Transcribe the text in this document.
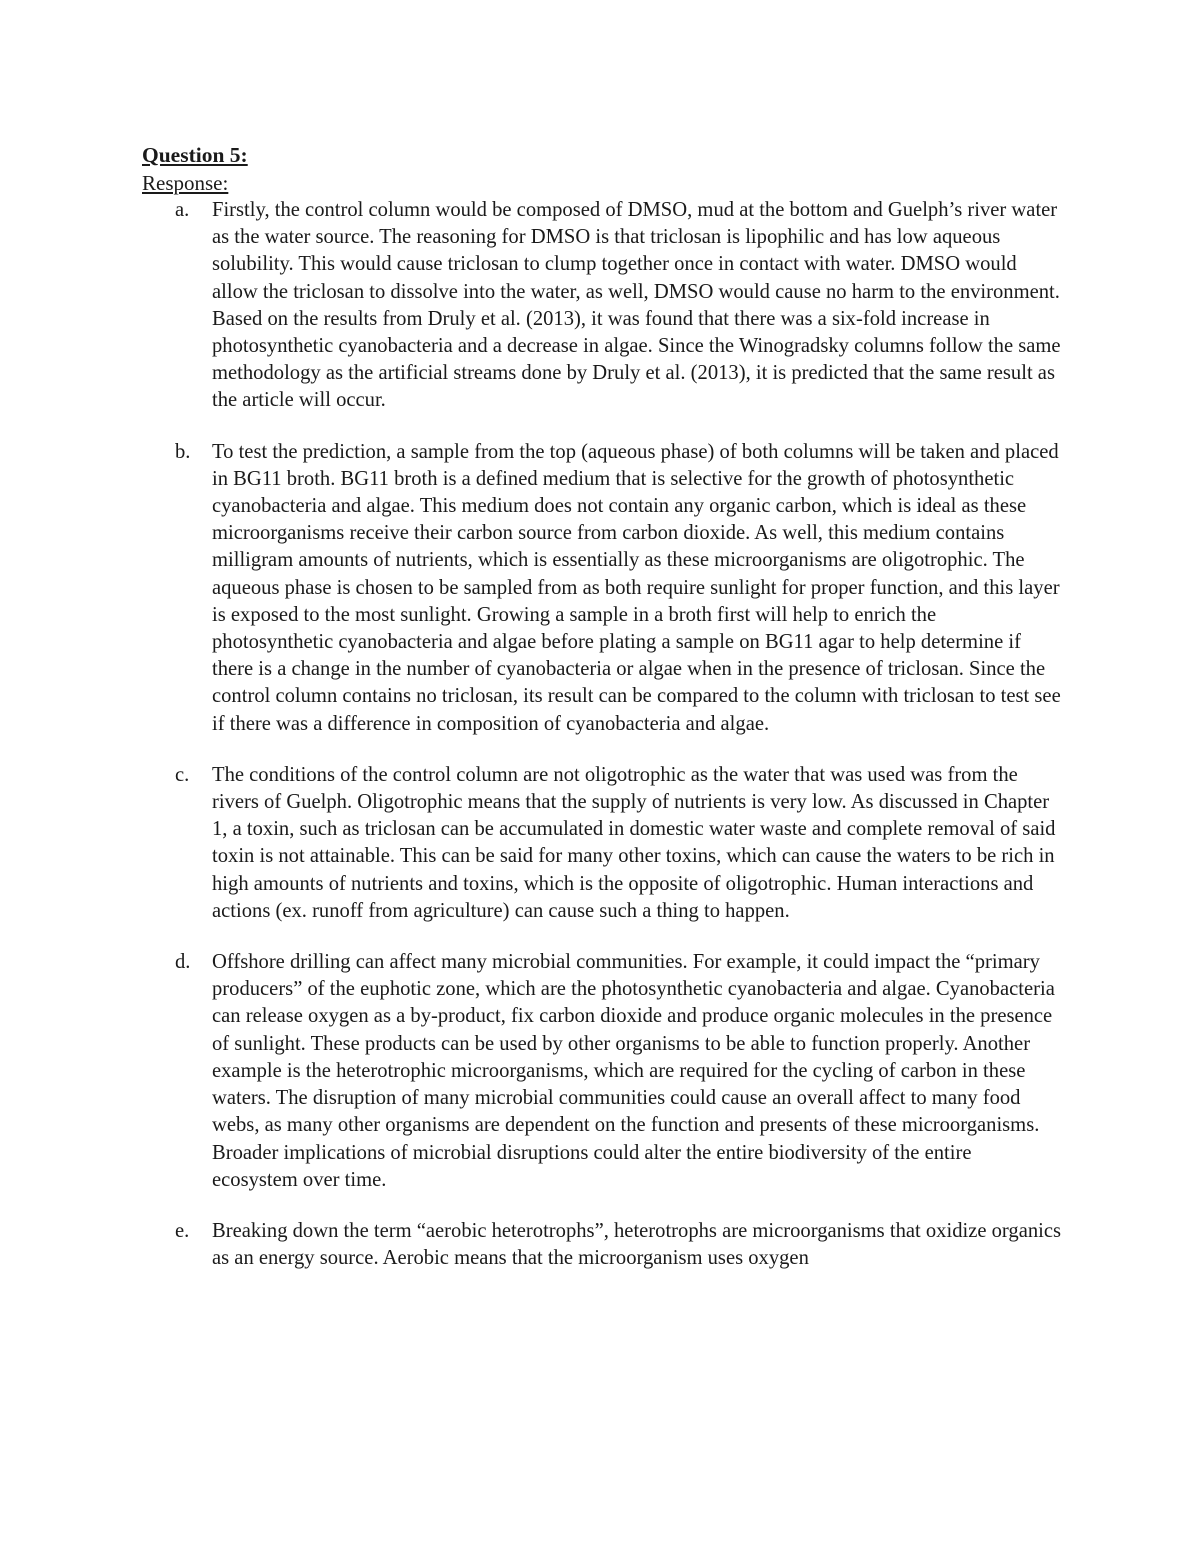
Question 5:
Response:
a. Firstly, the control column would be composed of DMSO, mud at the bottom and Guelph’s river water as the water source. The reasoning for DMSO is that triclosan is lipophilic and has low aqueous solubility. This would cause triclosan to clump together once in contact with water. DMSO would allow the triclosan to dissolve into the water, as well, DMSO would cause no harm to the environment. Based on the results from Druly et al. (2013), it was found that there was a six-fold increase in photosynthetic cyanobacteria and a decrease in algae. Since the Winogradsky columns follow the same methodology as the artificial streams done by Druly et al. (2013), it is predicted that the same result as the article will occur.
b. To test the prediction, a sample from the top (aqueous phase) of both columns will be taken and placed in BG11 broth. BG11 broth is a defined medium that is selective for the growth of photosynthetic cyanobacteria and algae. This medium does not contain any organic carbon, which is ideal as these microorganisms receive their carbon source from carbon dioxide. As well, this medium contains milligram amounts of nutrients, which is essentially as these microorganisms are oligotrophic. The aqueous phase is chosen to be sampled from as both require sunlight for proper function, and this layer is exposed to the most sunlight. Growing a sample in a broth first will help to enrich the photosynthetic cyanobacteria and algae before plating a sample on BG11 agar to help determine if there is a change in the number of cyanobacteria or algae when in the presence of triclosan. Since the control column contains no triclosan, its result can be compared to the column with triclosan to test see if there was a difference in composition of cyanobacteria and algae.
c. The conditions of the control column are not oligotrophic as the water that was used was from the rivers of Guelph. Oligotrophic means that the supply of nutrients is very low. As discussed in Chapter 1, a toxin, such as triclosan can be accumulated in domestic water waste and complete removal of said toxin is not attainable. This can be said for many other toxins, which can cause the waters to be rich in high amounts of nutrients and toxins, which is the opposite of oligotrophic. Human interactions and actions (ex. runoff from agriculture) can cause such a thing to happen.
d. Offshore drilling can affect many microbial communities. For example, it could impact the “primary producers” of the euphotic zone, which are the photosynthetic cyanobacteria and algae. Cyanobacteria can release oxygen as a by-product, fix carbon dioxide and produce organic molecules in the presence of sunlight. These products can be used by other organisms to be able to function properly. Another example is the heterotrophic microorganisms, which are required for the cycling of carbon in these waters. The disruption of many microbial communities could cause an overall affect to many food webs, as many other organisms are dependent on the function and presents of these microorganisms. Broader implications of microbial disruptions could alter the entire biodiversity of the entire ecosystem over time.
e. Breaking down the term “aerobic heterotrophs”, heterotrophs are microorganisms that oxidize organics as an energy source. Aerobic means that the microorganism uses oxygen
